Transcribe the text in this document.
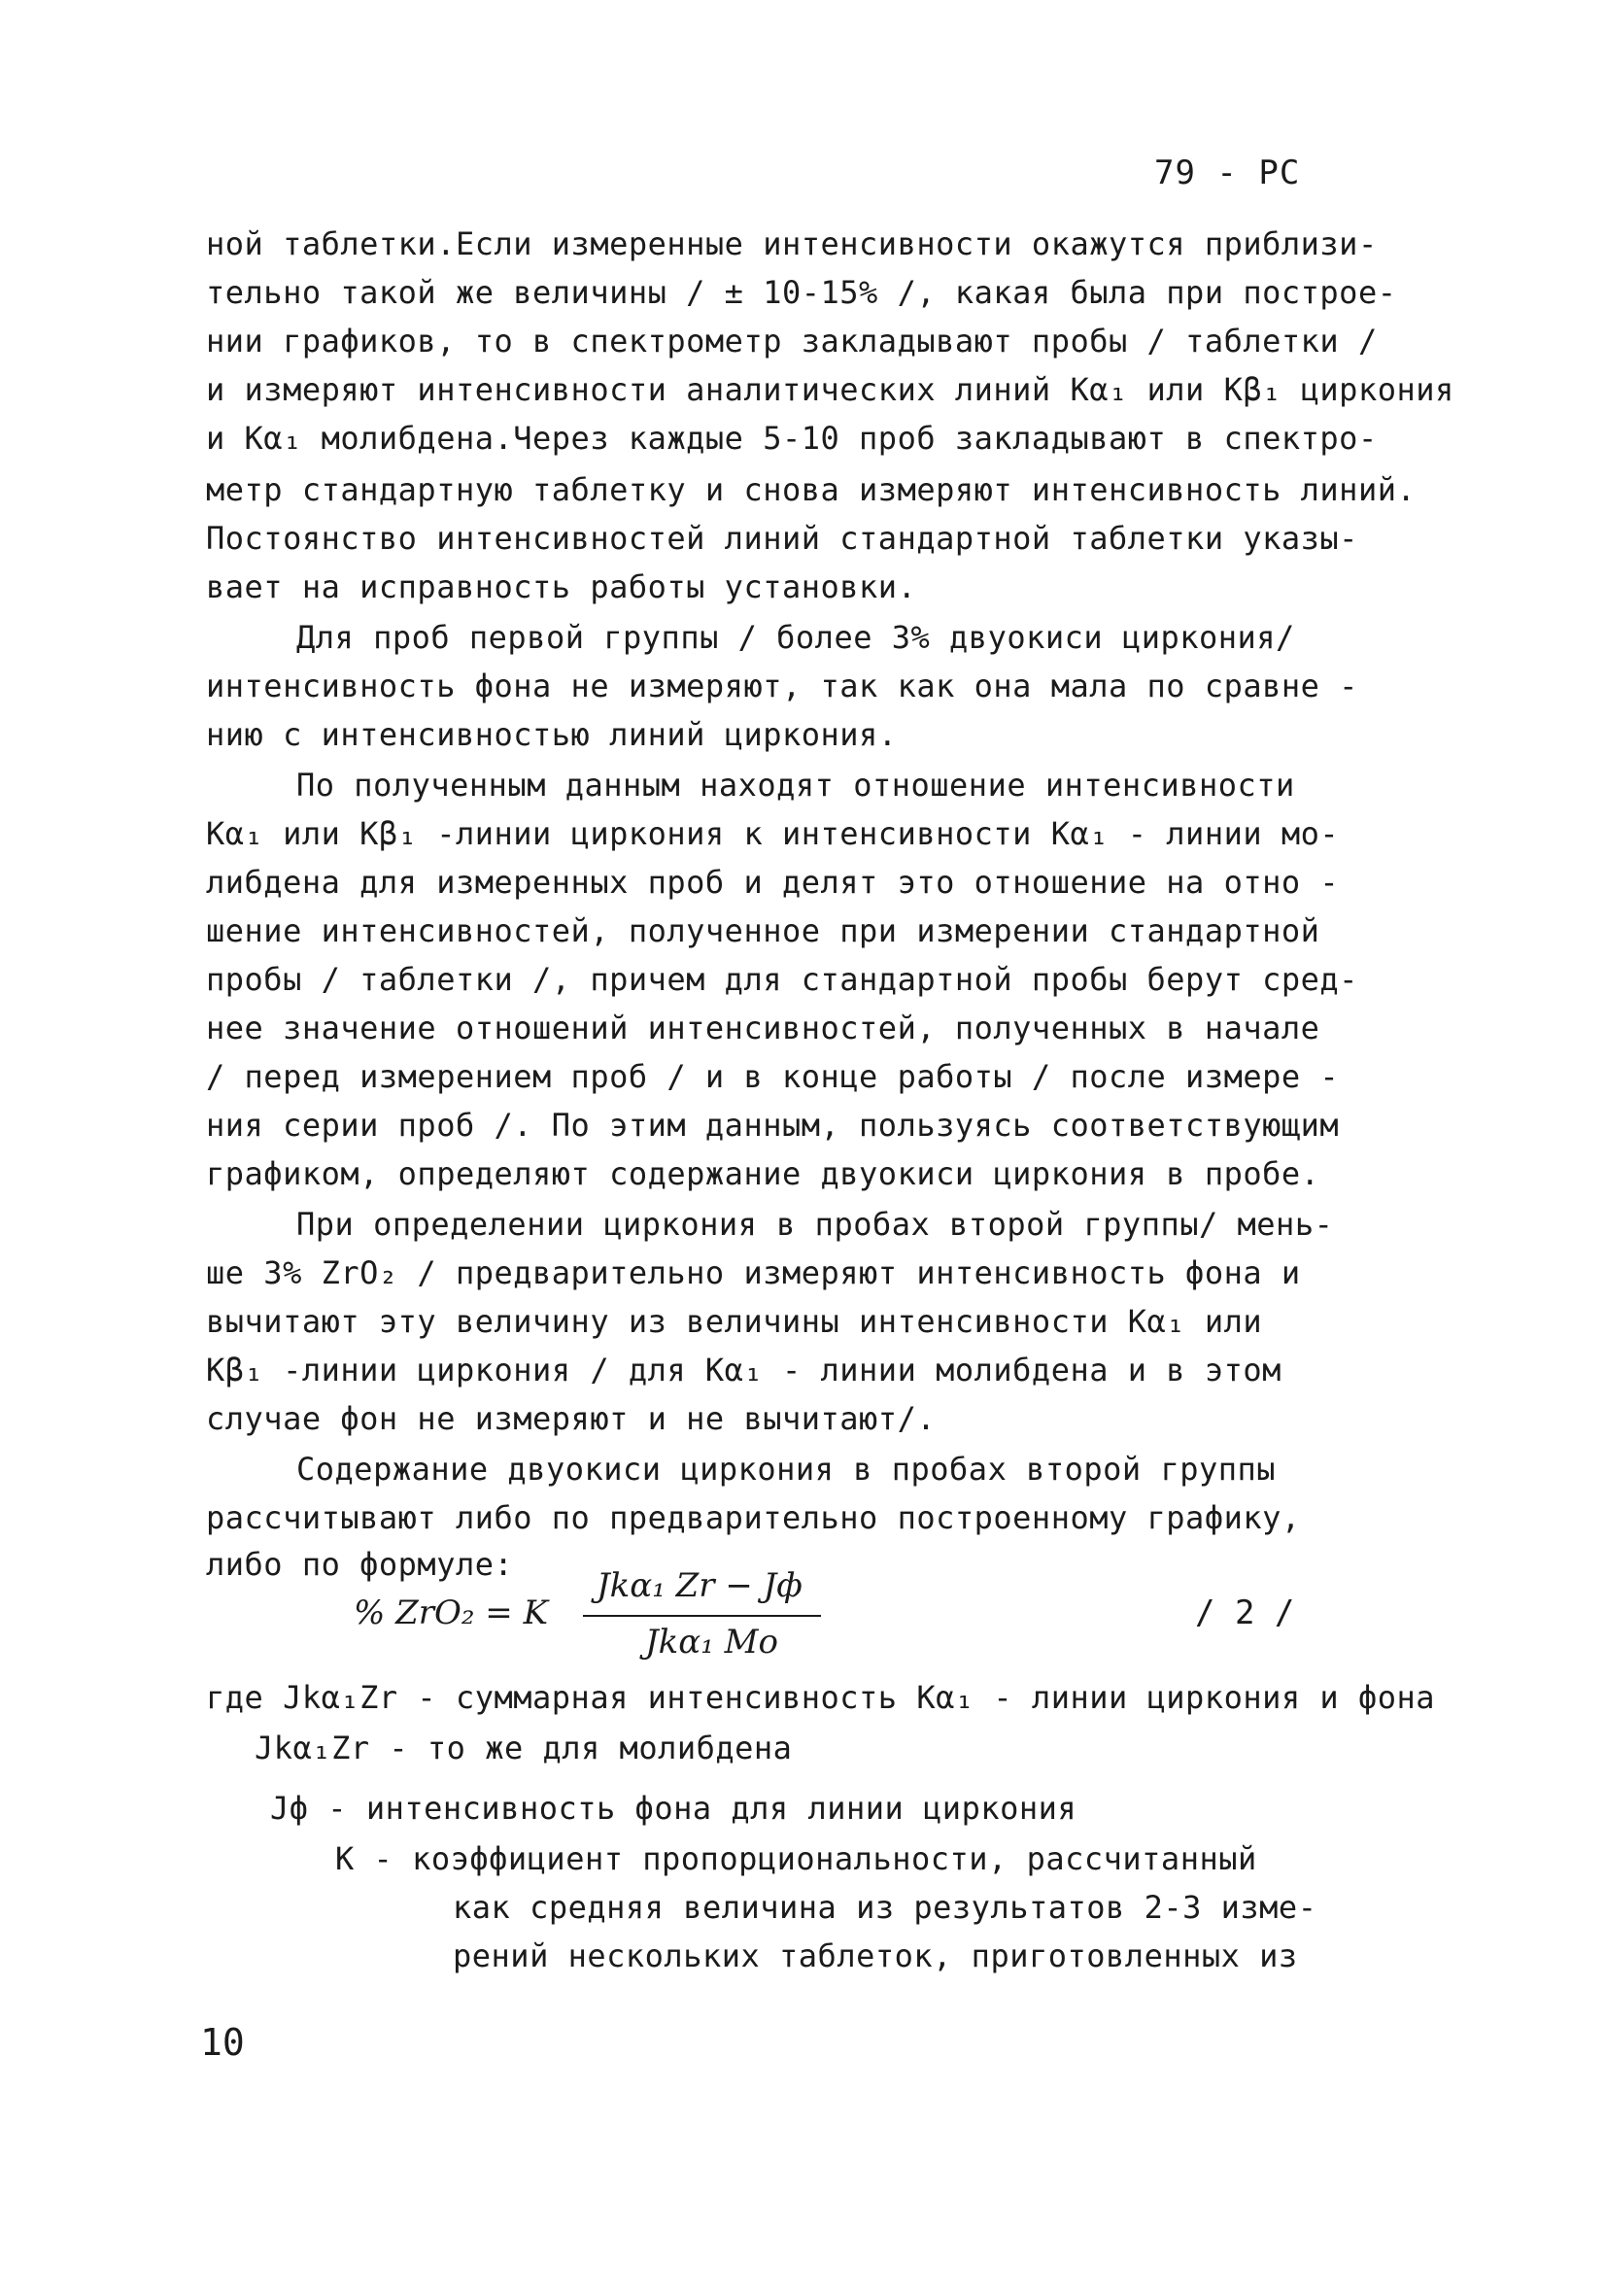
79 - PC
ной таблетки.Если измеренные интенсивности окажутся приблизи-
тельно такой же величины / ± 10-15% /, какая была при построе-
нии графиков, то в спектрометр закладывают пробы / таблетки /
и измеряют интенсивности аналитических линий Kα₁ или Kβ₁ циркония
и Kα₁ молибдена.Через каждые 5-10 проб закладывают в спектро-
метр стандартную таблетку и снова измеряют интенсивность линий.
Постоянство интенсивностей линий стандартной таблетки указы-
вает на исправность работы установки.
Для проб первой группы / более 3% двуокиси циркония/
интенсивность фона не измеряют, так как она мала по сравне -
нию с интенсивностью линий циркония.
По полученным данным находят отношение интенсивности
Kα₁ или Kβ₁ -линии циркония к интенсивности Kα₁ - линии мо-
либдена для измеренных проб и делят это отношение на отно -
шение интенсивностей, полученное при измерении стандартной
пробы / таблетки /, причем для стандартной пробы берут сред-
нее значение отношений интенсивностей, полученных в начале
/ перед измерением проб / и в конце работы / после измере -
ния серии проб /. По этим данным, пользуясь соответствующим
графиком, определяют содержание двуокиси циркония в пробе.
При определении циркония в пробах второй группы/ мень-
ше 3% ZrO₂ / предварительно измеряют интенсивность фона и
вычитают эту величину из величины интенсивности Kα₁ или
Kβ₁ -линии циркония / для Kα₁ - линии молибдена и в этом
случае фон не измеряют и не вычитают/.
Содержание двуокиси циркония в пробах второй группы
рассчитывают либо по предварительно построенному графику,
либо по формуле:
% ZrO₂ = K
Jkα₁ Zr − Jф
Jkα₁ Mo
/ 2 /
где Jkα₁Zr - суммарная интенсивность Kα₁ - линии циркония и фона
Jkα₁Zr - то же для молибдена
Jф - интенсивность фона для линии циркония
K - коэффициент пропорциональности, рассчитанный
как средняя величина из результатов 2-3 изме-
рений нескольких таблеток, приготовленных из
10
